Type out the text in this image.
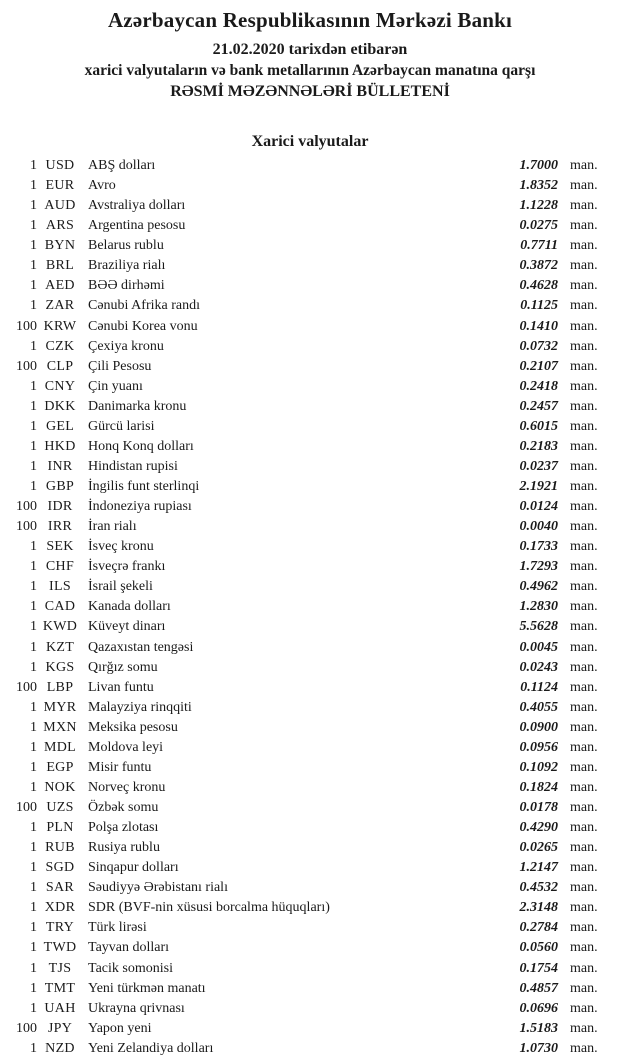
Azərbaycan Respublikasının Mərkəzi Bankı
21.02.2020 tarixdən etibarən
xarici valyutaların və bank metallarının Azərbaycan manatına qarşı
RƏSMİ MƏZƏNNƏLƏRİ BÜLLETENİ
Xarici valyutalar
1 USD ABŞ dolları	1.7000 man.
1 EUR Avro	1.8352 man.
1 AUD Avstraliya dolları	1.1228 man.
1 ARS Argentina pesosu	0.0275 man.
1 BYN Belarus rublu	0.7711 man.
1 BRL Braziliya rialı	0.3872 man.
1 AED BƏƏ dirhəmi	0.4628 man.
1 ZAR Cənubi Afrika randı	0.1125 man.
100 KRW Cənubi Korea vonu	0.1410 man.
1 CZK Çexiya kronu	0.0732 man.
100 CLP	Çili Pesosu	0.2107 man.
1 CNY Çin yuanı	0.2418 man.
1 DKK Danimarka kronu	0.2457 man.
1 GEL Gürcü larisi	0.6015 man.
1 HKD Honq Konq dolları	0.2183 man.
1 INR	Hindistan rupisi	0.0237 man.
1 GBP İngilis funt sterlinqi	2.1921 man.
100 IDR	İndoneziya rupiası	0.0124 man.
100 IRR	İran rialı	0.0040 man.
1 SEK	İsveç kronu	0.1733 man.
1 CHF İsveçrə frankı	1.7293 man.
1 ILS	İsrail şekeli	0.4962 man.
1 CAD Kanada dolları	1.2830 man.
1 KWD Küveyt dinarı	5.5628 man.
1 KZT Qazaxıstan tengəsi	0.0045 man.
1 KGS Qırğız somu	0.0243 man.
100 LBP	Livan funtu	0.1124 man.
1 MYR Malayziya rinqqiti	0.4055 man.
1 MXN Meksika pesosu	0.0900 man.
1 MDL Moldova leyi	0.0956 man.
1 EGP	Misir funtu	0.1092 man.
1 NOK Norveç kronu	0.1824 man.
100 UZS	Özbək somu	0.0178 man.
1 PLN	Polşa zlotası	0.4290 man.
1 RUB Rusiya rublu	0.0265 man.
1 SGD Sinqapur dolları	1.2147 man.
1 SAR Səudiyyə Ərəbistanı rialı	0.4532 man.
1 XDR SDR (BVF-nin xüsusi borcalma hüquqları)	2.3148 man.
1 TRY Türk lirəsi	0.2784 man.
1 TWD Tayvan dolları	0.0560 man.
1 TJS	Tacik somonisi	0.1754 man.
1 TMT Yeni türkmən manatı	0.4857 man.
1 UAH Ukrayna qrivnası	0.0696 man.
100 JPY	Yapon yeni	1.5183 man.
1 NZD Yeni Zelandiya dolları	1.0730 man.
